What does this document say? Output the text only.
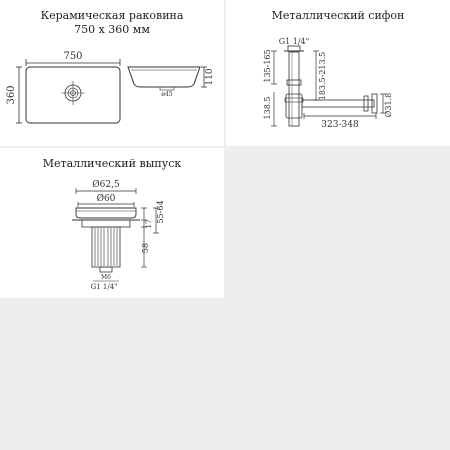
Керамическая раковина
750 х 360 мм
750
360	ø45
110
Металлический сифон
G1 1/4"
135-165
138.5
183.5-213.5
323-348
Ø31.8
Металлический выпуск
Ø62,5
Ø60
M6
G1 1/4"
17
55-64
58
